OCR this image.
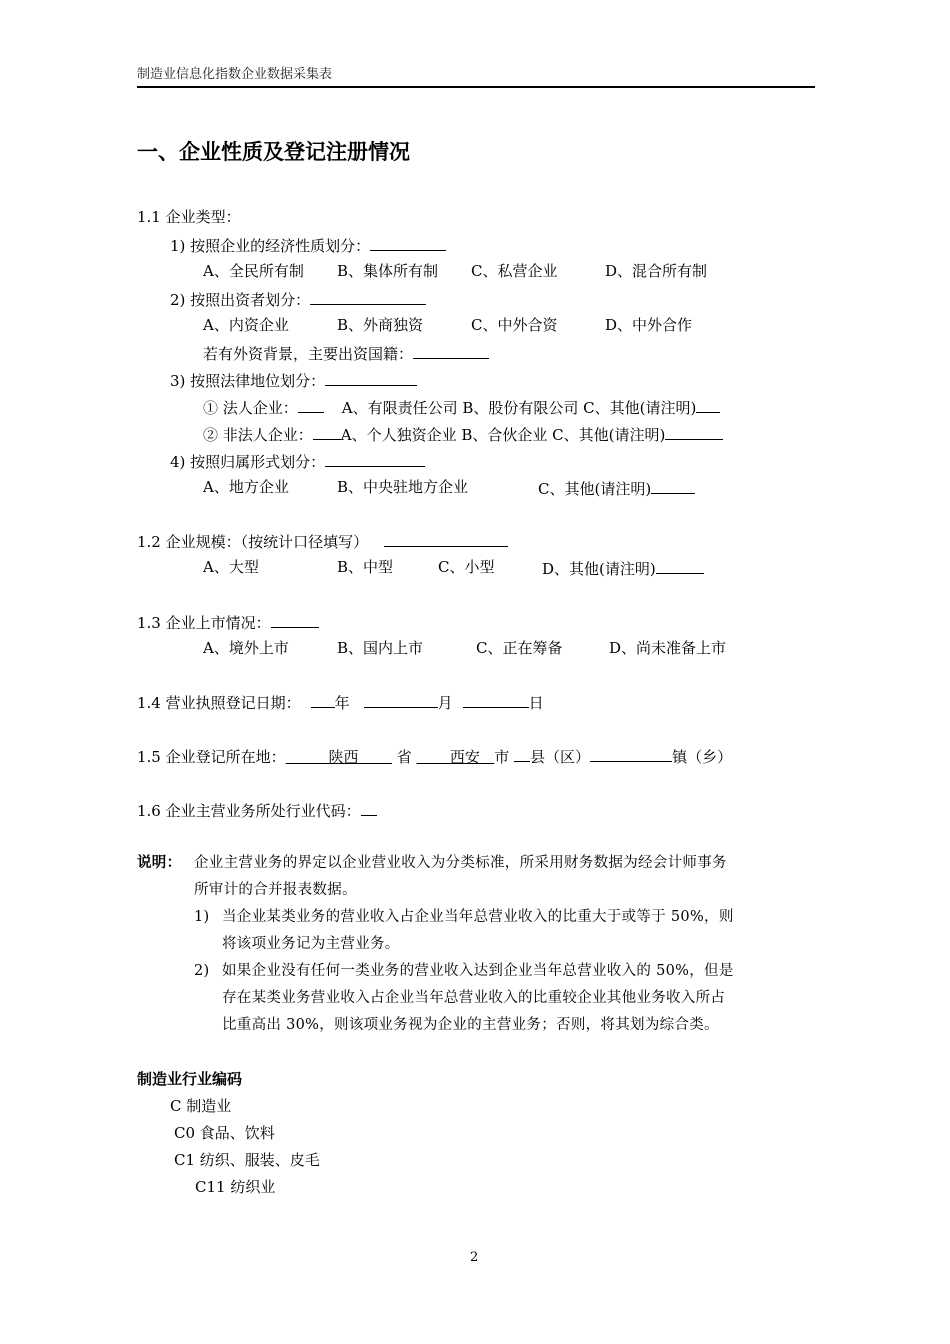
制造业信息化指数企业数据采集表
一、企业性质及登记注册情况
1.1 企业类型：
1) 按照企业的经济性质划分：
A、全民所有制 B、集体所有制 C、私营企业	D、混合所有制
2) 按照出资者划分：
A、内资企业	B、外商独资	C、中外合资	D、中外合作
若有外资背景，主要出资国籍：
3) 按照法律地位划分：
① 法人企业：	A、有限责任公司 B、股份有限公司 C、其他(请注明)
② 非法人企业： A、个人独资企业 B、合伙企业 C、其他(请注明)
4) 按照归属形式划分：
A、地方企业	B、中央驻地方企业	C、其他(请注明)
1.2 企业规模：（按统计口径填写）
A、大型	B、中型	C、小型	D、其他(请注明)
1.3 企业上市情况：
A、境外上市	B、国内上市	C、正在筹备	D、尚未准备上市
1.4 营业执照登记日期： 年	月	日
1.5 企业登记所在地：	陕西	省	西安 市 县（区）	镇（乡）
1.6 企业主营业务所处行业代码：
说明： 企业主营业务的界定以企业营业收入为分类标准，所采用财务数据为经会计师事务
所审计的合并报表数据。
1) 当企业某类业务的营业收入占企业当年总营业收入的比重大于或等于 50%，则
将该项业务记为主营业务。
2) 如果企业没有任何一类业务的营业收入达到企业当年总营业收入的 50%，但是
存在某类业务营业收入占企业当年总营业收入的比重较企业其他业务收入所占
比重高出 30%，则该项业务视为企业的主营业务；否则，将其划为综合类。
制造业行业编码
C 制造业
C0 食品、饮料
C1 纺织、服装、皮毛
C11 纺织业
2
